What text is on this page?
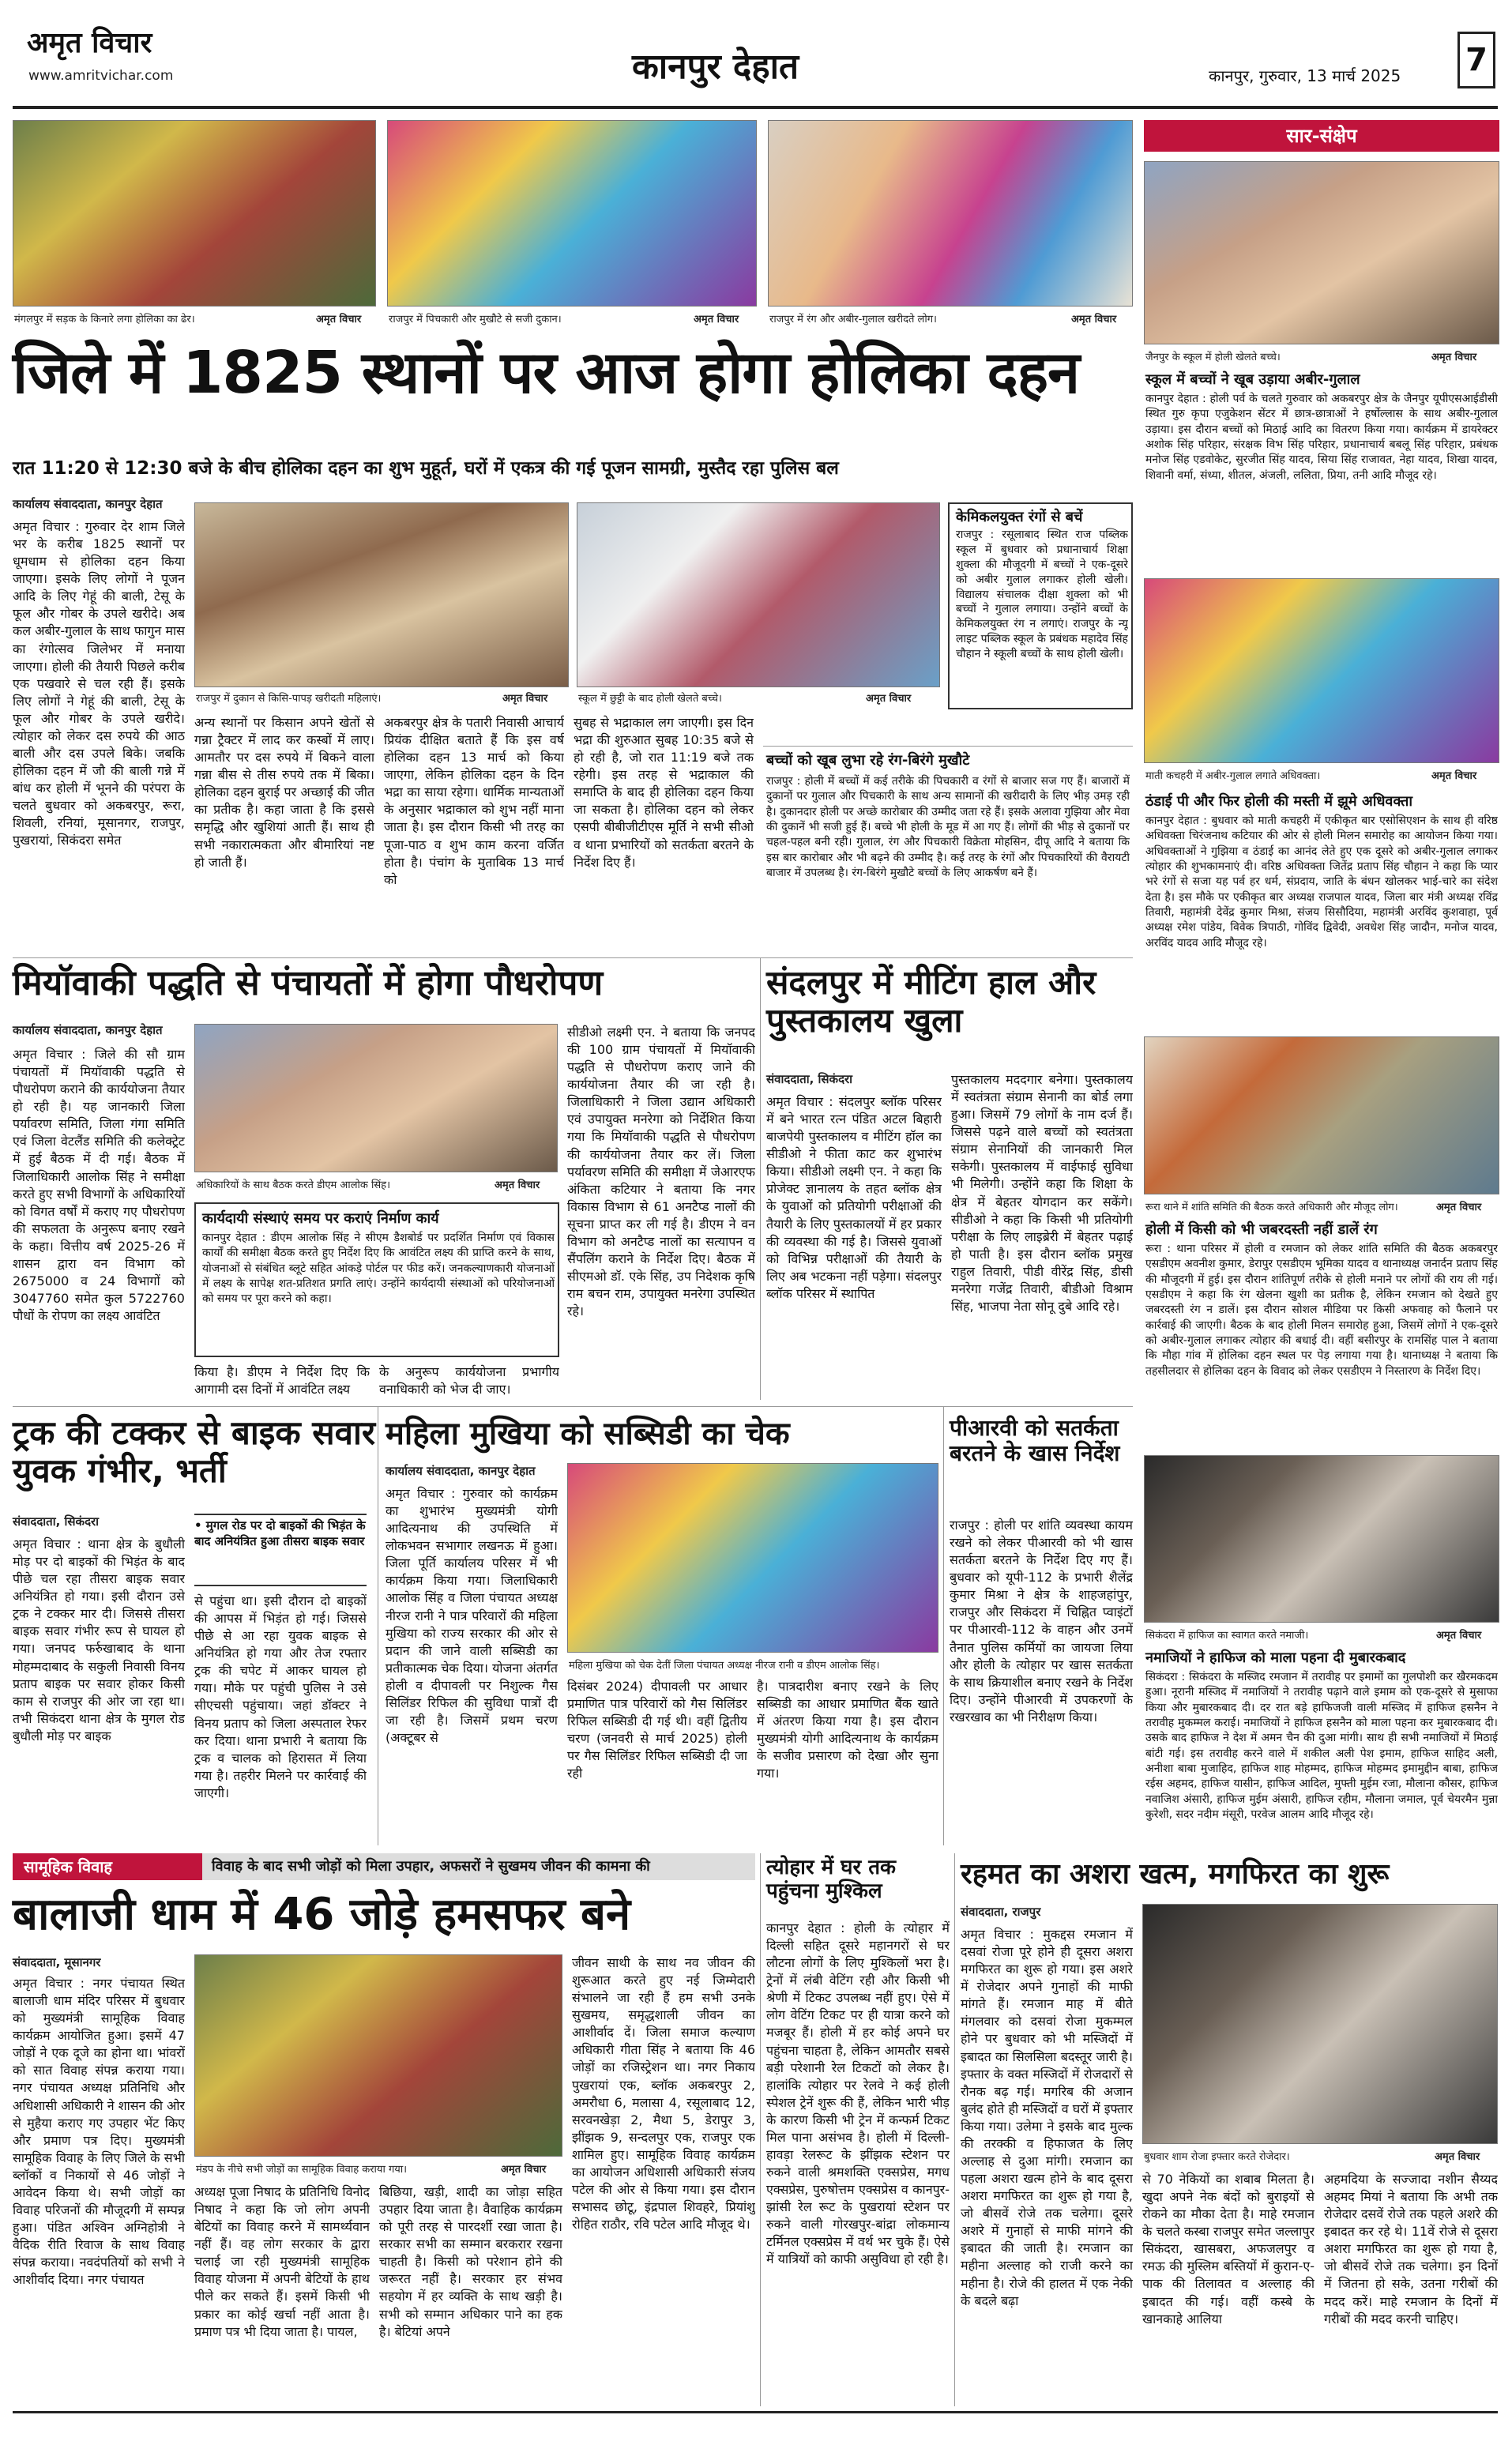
अमृत विचार
www.amritvichar.com	कानपुर देहात	कानपुर, गुरुवार, 13 मार्च 2025 7
मंगलपुर में सड़क के किनारे लगा होलिका का ढेर।	अमृत विचार	राजपुर में पिचकारी और मुखौटे से सजी दुकान।	अमृत विचार	राजपुर में रंग और अबीर-गुलाल खरीदते लोग।	अमृत विचार
जिले में 1825 स्थानों पर आज होगा होलिका दहन
रात 11:20 से 12:30 बजे के बीच होलिका दहन का शुभ मुहूर्त, घरों में एकत्र की गई पूजन सामग्री, मुस्तैद रहा पुलिस बल
कार्यालय संवाददाता, कानपुर देहात
अमृत विचार : गुरुवार देर शाम जिले भर के करीब 1825 स्थानों पर धूमधाम से होलिका दहन किया जाएगा। इसके लिए लोगों ने पूजन आदि के लिए गेहूं की बाली, टेसू के फूल और गोबर के उपले खरीदे। अब कल अबीर-गुलाल के साथ फागुन मास का रंगोत्सव जिलेभर में मनाया जाएगा। होली की तैयारी पिछले करीब एक पखवारे से चल रही हैं। इसके लिए लोगों ने गेहूं की बाली, टेसू के फूल और गोबर के उपले खरीदे। त्योहार को लेकर दस रुपये की आठ बाली और दस उपले बिके। जबकि होलिका दहन में जौ की बाली गन्ने में बांध कर होली में भूनने की परंपरा के चलते बुधवार को अकबरपुर, रूरा, शिवली, रनियां, मूसानगर, राजपुर, पुखरायां, सिकंदरा समेत
राजपुर में दुकान से किसि-पापड़ खरीदती महिलाएं।	अमृत विचार	स्कूल में छुट्टी के बाद होली खेलते बच्चे।	अमृत विचार
अन्य स्थानों पर किसान अपने खेतों से गन्ना ट्रैक्टर में लाद कर कस्बों में लाए। आमतौर पर दस रुपये में बिकने वाला गन्ना बीस से तीस रुपये तक में बिका। होलिका दहन बुराई पर अच्छाई की जीत का प्रतीक है। कहा जाता है कि इससे समृद्धि और खुशियां आती हैं। साथ ही सभी नकारात्मकता और बीमारियां नष्ट हो जाती हैं।
अकबरपुर क्षेत्र के पतारी निवासी आचार्य प्रियंक दीक्षित बताते हैं कि इस वर्ष होलिका दहन 13 मार्च को किया जाएगा, लेकिन होलिका दहन के दिन भद्रा का साया रहेगा। धार्मिक मान्यताओं के अनुसार भद्राकाल को शुभ नहीं माना जाता है। इस दौरान किसी भी तरह का पूजा-पाठ व शुभ काम करना वर्जित होता है। पंचांग के मुताबिक 13 मार्च को
सुबह से भद्राकाल लग जाएगी। इस दिन भद्रा की शुरुआत सुबह 10:35 बजे से हो रही है, जो रात 11:19 बजे तक रहेगी। इस तरह से भद्राकाल की समाप्ति के बाद ही होलिका दहन किया जा सकता है। होलिका दहन को लेकर एसपी बीबीजीटीएस मूर्ति ने सभी सीओ व थाना प्रभारियों को सतर्कता बरतने के निर्देश दिए हैं।
केमिकलयुक्त रंगों से बचें
राजपुर : रसूलाबाद स्थित राज पब्लिक स्कूल में बुधवार को प्रधानाचार्य शिक्षा शुक्ला की मौजूदगी में बच्चों ने एक-दूसरे को अबीर गुलाल लगाकर होली खेली। विद्यालय संचालक दीक्षा शुक्ला को भी बच्चों ने गुलाल लगाया। उन्होंने बच्चों के केमिकलयुक्त रंग न लगाएं। राजपुर के न्यू लाइट पब्लिक स्कूल के प्रबंधक महादेव सिंह चौहान ने स्कूली बच्चों के साथ होली खेली।
बच्चों को खूब लुभा रहे रंग-बिरंगे मुखौटे
राजपुर : होली में बच्चों में कई तरीके की पिचकारी व रंगों से बाजार सज गए हैं। बाजारों में दुकानों पर गुलाल और पिचकारी के साथ अन्य सामानों की खरीदारी के लिए भीड़ उमड़ रही है। दुकानदार होली पर अच्छे कारोबार की उम्मीद जता रहे हैं। इसके अलावा गुझिया और मेवा की दुकानें भी सजी हुई हैं। बच्चे भी होली के मूड में आ गए हैं। लोगों की भीड़ से दुकानों पर चहल-पहल बनी रही। गुलाल, रंग और पिचकारी विक्रेता मोहसिन, दीपू आदि ने बताया कि इस बार कारोबार और भी बढ़ने की उम्मीद है। कई तरह के रंगों और पिचकारियों की वैरायटी बाजार में उपलब्ध है। रंग-बिरंगे मुखौटे बच्चों के लिए आकर्षण बने हैं।
सार-संक्षेप
जैनपुर के स्कूल में होली खेलते बच्चे।	अमृत विचार
स्कूल में बच्चों ने खूब उड़ाया अबीर-गुलाल
कानपुर देहात : होली पर्व के चलते गुरुवार को अकबरपुर क्षेत्र के जैनपुर यूपीएसआईडीसी स्थित गुरु कृपा एजुकेशन सेंटर में छात्र-छात्राओं ने हर्षोल्लास के साथ अबीर-गुलाल उड़ाया। इस दौरान बच्चों को मिठाई आदि का वितरण किया गया। कार्यक्रम में डायरेक्टर अशोक सिंह परिहार, संरक्षक विभ सिंह परिहार, प्रधानाचार्य बबलू सिंह परिहार, प्रबंधक मनोज सिंह एडवोकेट, सुरजीत सिंह यादव, सिया सिंह राजावत, नेहा यादव, शिखा यादव, शिवानी वर्मा, संध्या, शीतल, अंजली, ललिता, प्रिया, तनी आदि मौजूद रहे।
माती कचहरी में अबीर-गुलाल लगाते अधिवक्ता।	अमृत विचार
ठंडाई पी और फिर होली की मस्ती में झूमे अधिवक्ता
कानपुर देहात : बुधवार को माती कचहरी में एकीकृत बार एसोसिएशन के साथ ही वरिष्ठ अधिवक्ता चिरंजनाथ कटियार की ओर से होली मिलन समारोह का आयोजन किया गया। अधिवक्ताओं ने गुझिया व ठंडाई का आनंद लेते हुए एक दूसरे को अबीर-गुलाल लगाकर त्योहार की शुभकामनाएं दी। वरिष्ठ अधिवक्ता जितेंद्र प्रताप सिंह चौहान ने कहा कि प्यार भरे रंगों से सजा यह पर्व हर धर्म, संप्रदाय, जाति के बंधन खोलकर भाई-चारे का संदेश देता है। इस मौके पर एकीकृत बार अध्यक्ष राजपाल यादव, जिला बार मंत्री अध्यक्ष रविंद्र तिवारी, महामंत्री देवेंद्र कुमार मिश्रा, संजय सिसौदिया, महामंत्री अरविंद कुशवाहा, पूर्व अध्यक्ष रमेश पांडेय, विवेक त्रिपाठी, गोविंद द्विवेदी, अवधेश सिंह जादौन, मनोज यादव, अरविंद यादव आदि मौजूद रहे।
रूरा थाने में शांति समिति की बैठक करते अधिकारी और मौजूद लोग।	अमृत विचार
होली में किसी को भी जबरदस्ती नहीं डालें रंग
रूरा : थाना परिसर में होली व रमजान को लेकर शांति समिति की बैठक अकबरपुर एसडीएम अवनीश कुमार, डेरापुर एसडीएम भूमिका यादव व थानाध्यक्ष जनार्दन प्रताप सिंह की मौजूदगी में हुई। इस दौरान शांतिपूर्ण तरीके से होली मनाने पर लोगों की राय ली गई। एसडीएम ने कहा कि रंग खेलना खुशी का प्रतीक है, लेकिन रमजान को देखते हुए जबरदस्ती रंग न डालें। इस दौरान सोशल मीडिया पर किसी अफवाह को फैलाने पर कार्रवाई की जाएगी। बैठक के बाद होली मिलन समारोह हुआ, जिसमें लोगों ने एक-दूसरे को अबीर-गुलाल लगाकर त्योहार की बधाई दी। वहीं बसीरपुर के रामसिंह पाल ने बताया कि मौहा गांव में होलिका दहन स्थल पर पेड़ लगाया गया है। थानाध्यक्ष ने बताया कि तहसीलदार से होलिका दहन के विवाद को लेकर एसडीएम ने निस्तारण के निर्देश दिए।
सिकंदरा में हाफिज का स्वागत करते नमाजी।	अमृत विचार
नमाजियों ने हाफिज को माला पहना दी मुबारकबाद
सिकंदरा : सिकंदरा के मस्जिद रमजान में तरावीह पर इमामों का गुलपोशी कर खैरमकदम हुआ। नूरानी मस्जिद में नमाजियों ने तरावीह पढ़ाने वाले इमाम को एक-दूसरे से मुसाफा किया और मुबारकबाद दी। दर रात बड़े हाफिजजी वाली मस्जिद में हाफिज हसनैन ने तरावीह मुकम्मल कराई। नमाजियों ने हाफिज हसनैन को माला पहना कर मुबारकबाद दी। उसके बाद हाफिज ने देश में अमन चैन की दुआ मांगी। साथ ही सभी नमाजियों में मिठाई बांटी गई। इस तरावीह करने वाले में शकील अली पेश इमाम, हाफिज साहिद अली, अनीशा बाबा मुजाहिद, हाफिज शाह मोहम्मद, हाफिज मोहम्मद इमामुद्दीन बाबा, हाफिज रईस अहमद, हाफिज यासीन, हाफिज आदिल, मुफ्ती मुईम रजा, मौलाना कौसर, हाफिज नवाजिश अंसारी, हाफिज मुईम अंसारी, हाफिज रहीम, मौलाना जमाल, पूर्व चेयरमैन मुन्ना कुरेशी, सदर नदीम मंसूरी, परवेज आलम आदि मौजूद रहे।
मियॉवाकी पद्धति से पंचायतों में होगा पौधरोपण
कार्यालय संवाददाता, कानपुर देहात
अमृत विचार : जिले की सौ ग्राम पंचायतों में मियॉवाकी पद्धति से पौधरोपण कराने की कार्ययोजना तैयार हो रही है। यह जानकारी जिला पर्यावरण समिति, जिला गंगा समिति एवं जिला वेटलैंड समिति की कलेक्ट्रेट में हुई बैठक में दी गई। बैठक में जिलाधिकारी आलोक सिंह ने समीक्षा करते हुए सभी विभागों के अधिकारियों को विगत वर्षों में कराए गए पौधरोपण की सफलता के अनुरूप बनाए रखने के कहा। वित्तीय वर्ष 2025-26 में शासन द्वारा वन विभाग को 2675000 व 24 विभागों को 3047760 समेत कुल 5722760 पौधों के रोपण का लक्ष्य आवंटित
अधिकारियों के साथ बैठक करते डीएम आलोक सिंह।	अमृत विचार
सीडीओ लक्ष्मी एन. ने बताया कि जनपद की 100 ग्राम पंचायतों में मियॉवाकी पद्धति से पौधरोपण कराए जाने की कार्ययोजना तैयार की जा रही है। जिलाधिकारी ने जिला उद्यान अधिकारी एवं उपायुक्त मनरेगा को निर्देशित किया गया कि मियॉवाकी पद्धति से पौधरोपण की कार्ययोजना तैयार कर लें। जिला पर्यावरण समिति की समीक्षा में जेआरएफ अंकिता कटियार ने बताया कि नगर विकास विभाग से 61 अनटैप्ड नालों की सूचना प्राप्त कर ली गई है। डीएम ने वन विभाग को अनटैप्ड नालों का सत्यापन व सैंपलिंग कराने के निर्देश दिए। बैठक में सीएमओ डॉ. एके सिंह, उप निदेशक कृषि राम बचन राम, उपायुक्त मनरेगा उपस्थित रहे।
कार्यदायी संस्थाएं समय पर कराएं निर्माण कार्य
कानपुर देहात : डीएम आलोक सिंह ने सीएम डैशबोर्ड पर प्रदर्शित निर्माण एवं विकास कार्यों की समीक्षा बैठक करते हुए निर्देश दिए कि आवंटित लक्ष्य की प्राप्ति करने के साथ, योजनाओं से संबंधित ब्लूटे सहित आंकड़े पोर्टल पर फीड करें। जनकल्याणकारी योजनाओं में लक्ष्य के सापेक्ष शत-प्रतिशत प्रगति लाएं। उन्होंने कार्यदायी संस्थाओं को परियोजनाओं को समय पर पूरा करने को कहा।
किया है। डीएम ने निर्देश दिए कि आगामी दस दिनों में आवंटित लक्ष्य
के अनुरूप कार्ययोजना प्रभागीय वनाधिकारी को भेज दी जाए।
संदलपुर में मीटिंग हाल और पुस्तकालय खुला
संवाददाता, सिकंदरा
अमृत विचार : संदलपुर ब्लॉक परिसर में बने भारत रत्न पंडित अटल बिहारी बाजपेयी पुस्तकालय व मीटिंग हॉल का सीडीओ ने फीता काट कर शुभारंभ किया। सीडीओ लक्ष्मी एन. ने कहा कि प्रोजेक्ट ज्ञानालय के तहत ब्लॉक क्षेत्र के युवाओं को प्रतियोगी परीक्षाओं की तैयारी के लिए पुस्तकालयों में हर प्रकार की व्यवस्था की गई है। जिससे युवाओं को विभिन्न परीक्षाओं की तैयारी के लिए अब भटकना नहीं पड़ेगा। संदलपुर ब्लॉक परिसर में स्थापित
पुस्तकालय मददगार बनेगा। पुस्तकालय में स्वतंत्रता संग्राम सेनानी का बोर्ड लगा हुआ। जिसमें 79 लोगों के नाम दर्ज हैं। जिससे पढ़ने वाले बच्चों को स्वतंत्रता संग्राम सेनानियों की जानकारी मिल सकेगी। पुस्तकालय में वाईफाई सुविधा भी मिलेगी। उन्होंने कहा कि शिक्षा के क्षेत्र में बेहतर योगदान कर सकेंगे। सीडीओ ने कहा कि किसी भी प्रतियोगी परीक्षा के लिए लाइब्रेरी में बेहतर पढ़ाई हो पाती है। इस दौरान ब्लॉक प्रमुख राहुल तिवारी, पीडी वीरेंद्र सिंह, डीसी मनरेगा गजेंद्र तिवारी, बीडीओ विश्राम सिंह, भाजपा नेता सोनू दुबे आदि रहे।
ट्रक की टक्कर से बाइक सवार युवक गंभीर, भर्ती
संवाददाता, सिकंदरा
अमृत विचार : थाना क्षेत्र के बुधौली मोड़ पर दो बाइकों की भिड़ंत के बाद पीछे चल रहा तीसरा बाइक सवार अनियंत्रित हो गया। इसी दौरान उसे ट्रक ने टक्कर मार दी। जिससे तीसरा बाइक सवार गंभीर रूप से घायल हो गया। जनपद फर्रुखाबाद के थाना मोहम्मदाबाद के सकुली निवासी विनय प्रताप बाइक पर सवार होकर किसी काम से राजपुर की ओर जा रहा था। तभी सिकंदरा थाना क्षेत्र के मुगल रोड बुधौली मोड़ पर बाइक
• मुगल रोड पर दो बाइकों की भिड़ंत के बाद अनियंत्रित हुआ तीसरा बाइक सवार
से पहुंचा था। इसी दौरान दो बाइकों की आपस में भिड़ंत हो गई। जिससे पीछे से आ रहा युवक बाइक से अनियंत्रित हो गया और तेज रफ्तार ट्रक की चपेट में आकर घायल हो गया। मौके पर पहुंची पुलिस ने उसे सीएचसी पहुंचाया। जहां डॉक्टर ने विनय प्रताप को जिला अस्पताल रेफर कर दिया। थाना प्रभारी ने बताया कि ट्रक व चालक को हिरासत में लिया गया है। तहरीर मिलने पर कार्रवाई की जाएगी।
महिला मुखिया को सब्सिडी का चेक
कार्यालय संवाददाता, कानपुर देहात
अमृत विचार : गुरुवार को कार्यक्रम का शुभारंभ मुख्यमंत्री योगी आदित्यनाथ की उपस्थिति में लोकभवन सभागार लखनऊ में हुआ। जिला पूर्ति कार्यालय परिसर में भी कार्यक्रम किया गया। जिलाधिकारी आलोक सिंह व जिला पंचायत अध्यक्ष नीरज रानी ने पात्र परिवारों की महिला मुखिया को राज्य सरकार की ओर से प्रदान की जाने वाली सब्सिडी का प्रतीकात्मक चेक दिया। योजना अंतर्गत होली व दीपावली पर निशुल्क गैस सिलिंडर रिफिल की सुविधा पात्रों दी जा रही है। जिसमें प्रथम चरण (अक्टूबर से
महिला मुखिया को चेक देतीं जिला पंचायत अध्यक्ष नीरज रानी व डीएम आलोक सिंह।
दिसंबर 2024) दीपावली पर आधार प्रमाणित पात्र परिवारों को गैस सिलिंडर रिफिल सब्सिडी दी गई थी। वहीं द्वितीय चरण (जनवरी से मार्च 2025) होली पर गैस सिलिंडर रिफिल सब्सिडी दी जा रही
है। पात्रदारीश बनाए रखने के लिए सब्सिडी का आधार प्रमाणित बैंक खाते में अंतरण किया गया है। इस दौरान मुख्यमंत्री योगी आदित्यनाथ के कार्यक्रम के सजीव प्रसारण को देखा और सुना गया।
पीआरवी को सतर्कता बरतने के खास निर्देश
राजपुर : होली पर शांति व्यवस्था कायम रखने को लेकर पीआरवी को भी खास सतर्कता बरतने के निर्देश दिए गए हैं। बुधवार को यूपी-112 के प्रभारी शैलेंद्र कुमार मिश्रा ने क्षेत्र के शाहजहांपुर, राजपुर और सिकंदरा में चिह्नित प्वाइंटों पर पीआरवी-112 के वाहन और उनमें तैनात पुलिस कर्मियों का जायजा लिया और होली के त्योहार पर खास सतर्कता के साथ क्रियाशील बनाए रखने के निर्देश दिए। उन्होंने पीआरवी में उपकरणों के रखरखाव का भी निरीक्षण किया।
सामूहिक विवाह	विवाह के बाद सभी जोड़ों को मिला उपहार, अफसरों ने सुखमय जीवन की कामना की
बालाजी धाम में 46 जोड़े हमसफर बने
संवाददाता, मूसानगर
अमृत विचार : नगर पंचायत स्थित बालाजी धाम मंदिर परिसर में बुधवार को मुख्यमंत्री सामूहिक विवाह कार्यक्रम आयोजित हुआ। इसमें 47 जोड़ों ने एक दूजे का होना था। भांवरों को सात विवाह संपन्न कराया गया। नगर पंचायत अध्यक्ष प्रतिनिधि और अधिशासी अधिकारी ने शासन की ओर से मुहैया कराए गए उपहार भेंट किए और प्रमाण पत्र दिए। मुख्यमंत्री सामूहिक विवाह के लिए जिले के सभी ब्लॉकों व निकायों से 46 जोड़ों ने आवेदन किया थे। सभी जोड़ों का विवाह परिजनों की मौजूदगी में सम्पन्न हुआ। पंडित अश्विन अग्निहोत्री ने वैदिक रीति रिवाज के साथ विवाह संपन्न कराया। नवदंपतियों को सभी ने आशीर्वाद दिया। नगर पंचायत
मंडप के नीचे सभी जोड़ों का सामूहिक विवाह कराया गया।	अमृत विचार
अध्यक्ष पूजा निषाद के प्रतिनिधि विनोद निषाद ने कहा कि जो लोग अपनी बेटियों का विवाह करने में सामर्थ्यवान नहीं हैं। वह लोग सरकार के द्वारा चलाई जा रही मुख्यमंत्री सामूहिक विवाह योजना में अपनी बेटियों के हाथ पीले कर सकते हैं। इसमें किसी भी प्रकार का कोई खर्चा नहीं आता है। प्रमाण पत्र भी दिया जाता है। पायल,
बिछिया, खड़ी, शादी का जोड़ा सहित उपहार दिया जाता है। वैवाहिक कार्यक्रम को पूरी तरह से पारदर्शी रखा जाता है। सरकार सभी का सम्मान बरकरार रखना चाहती है। किसी को परेशान होने की जरूरत नहीं है। सरकार हर संभव सहयोग में हर व्यक्ति के साथ खड़ी है। सभी को सम्मान अधिकार पाने का हक है। बेटियां अपने
जीवन साथी के साथ नव जीवन की शुरूआत करते हुए नई जिम्मेदारी संभालने जा रही हैं हम सभी उनके सुखमय, समृद्धशाली जीवन का आशीर्वाद दें। जिला समाज कल्याण अधिकारी गीता सिंह ने बताया कि 46 जोड़ों का रजिस्ट्रेशन था। नगर निकाय पुखरायां एक, ब्लॉक अकबरपुर 2, अमरौधा 6, मलासा 4, रसूलाबाद 12, सरवनखेड़ा 2, मैथा 5, डेरापुर 3, झींझक 9, सन्दलपुर एक, राजपुर एक शामिल हुए। सामूहिक विवाह कार्यक्रम का आयोजन अधिशासी अधिकारी संजय पटेल की ओर से किया गया। इस दौरान सभासद छोटू, इंद्रपाल शिवहरे, प्रियांशु रोहित राठौर, रवि पटेल आदि मौजूद थे।
त्योहार में घर तक पहुंचना मुश्किल
कानपुर देहात : होली के त्योहार में दिल्ली सहित दूसरे महानगरों से घर लौटना लोगों के लिए मुश्किलों भरा है। ट्रेनों में लंबी वेटिंग रही और किसी भी श्रेणी में टिकट उपलब्ध नहीं हुए। ऐसे में लोग वेटिंग टिकट पर ही यात्रा करने को मजबूर हैं। होली में हर कोई अपने घर पहुंचना चाहता है, लेकिन आमतौर सबसे बड़ी परेशानी रेल टिकटों को लेकर है। हालांकि त्योहार पर रेलवे ने कई होली स्पेशल ट्रेनें शुरू की हैं, लेकिन भारी भीड़ के कारण किसी भी ट्रेन में कन्फर्म टिकट मिल पाना असंभव है। होली में दिल्ली-हावड़ा रेलरूट के झींझक स्टेशन पर रुकने वाली श्रमशक्ति एक्सप्रेस, मगध एक्सप्रेस, पुरुषोत्तम एक्सप्रेस व कानपुर-झांसी रेल रूट के पुखरायां स्टेशन पर रुकने वाली गोरखपुर-बांद्रा लोकमान्य टर्मिनल एक्सप्रेस में वर्थ भर चुके हैं। ऐसे में यात्रियों को काफी असुविधा हो रही है।
रहमत का अशरा खत्म, मगफिरत का शुरू
संवाददाता, राजपुर
अमृत विचार : मुकद्दस रमजान में दसवां रोजा पूरे होने ही दूसरा अशरा मगफिरत का शुरू हो गया। इस अशरे में रोजेदार अपने गुनाहों की माफी मांगते हैं। रमजान माह में बीते मंगलवार को दसवां रोजा मुकम्मल होने पर बुधवार को भी मस्जिदों में इबादत का सिलसिला बदस्तूर जारी है। इफ्तार के वक्त मस्जिदों में रोजदारों से रौनक बढ़ गई। मगरिब की अजान बुलंद होते ही मस्जिदों व घरों में इफ्तार किया गया। उलेमा ने इसके बाद मुल्क की तरक्की व हिफाजत के लिए अल्लाह से दुआ मांगी। रमजान का पहला अशरा खत्म होने के बाद दूसरा अशरा मगफिरत का शुरू हो गया है, जो बीसवें रोजे तक चलेगा। दूसरे अशरे में गुनाहों से माफी मांगने की इबादत की जाती है। रमजान का महीना अल्लाह को राजी करने का महीना है। रोजे की हालत में एक नेकी के बदले बढ़ा
बुधवार शाम रोजा इफ्तार करते रोजेदार।	अमृत विचार
से 70 नेकियों का शबाब मिलता है। खुदा अपने नेक बंदों को बुराइयों से रोकने का मौका देता है। माहे रमजान के चलते कस्बा राजपुर समेत जल्लापुर सिकंदरा, खासबरा, अफजलपुर व रमऊ की मुस्लिम बस्तियों में कुरान-ए-पाक की तिलावत व अल्लाह की इबादत की गई। वहीं कस्बे के खानकाहे आलिया
अहमदिया के सज्जादा नशीन सैय्यद अहमद मियां ने बताया कि अभी तक रोजेदार दसवें रोजे तक पहले अशरे की इबादत कर रहे थे। 11वें रोजे से दूसरा अशरा मगफिरत का शुरू हो गया है, जो बीसवें रोजे तक चलेगा। इन दिनों में जितना हो सके, उतना गरीबों की मदद करें। माहे रमजान के दिनों में गरीबों की मदद करनी चाहिए।
